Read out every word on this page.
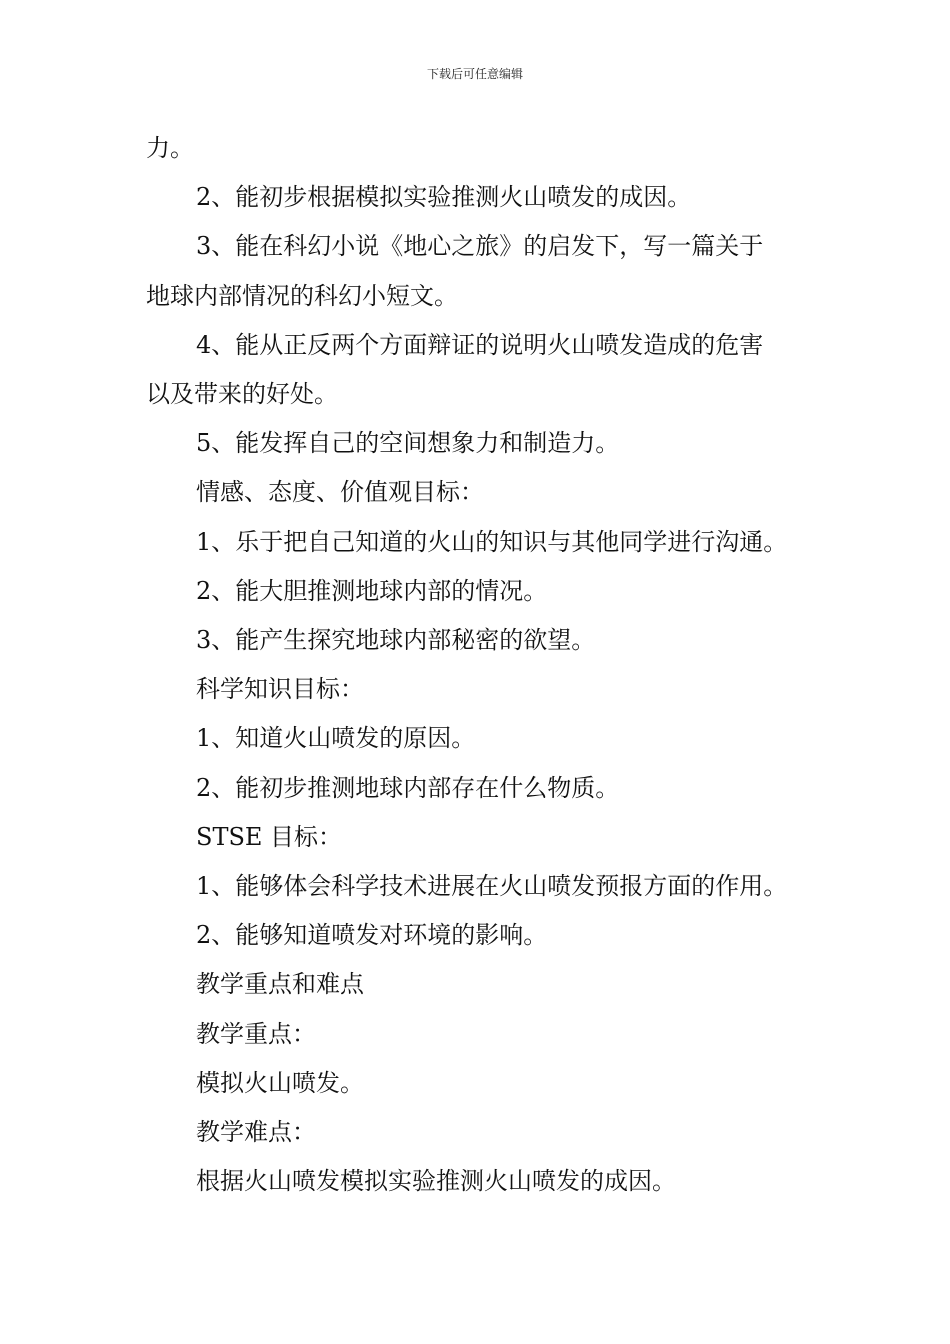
下载后可任意编辑

力。

2、能初步根据模拟实验推测火山喷发的成因。

3、能在科幻小说《地心之旅》的启发下，写一篇关于

地球内部情况的科幻小短文。

4、能从正反两个方面辩证的说明火山喷发造成的危害

以及带来的好处。

5、能发挥自己的空间想象力和制造力。

情感、态度、价值观目标：

1、乐于把自己知道的火山的知识与其他同学进行沟通。

2、能大胆推测地球内部的情况。

3、能产生探究地球内部秘密的欲望。

科学知识目标：

1、知道火山喷发的原因。

2、能初步推测地球内部存在什么物质。

STSE 目标：

1、能够体会科学技术进展在火山喷发预报方面的作用。

2、能够知道喷发对环境的影响。

教学重点和难点

教学重点：

模拟火山喷发。

教学难点：

根据火山喷发模拟实验推测火山喷发的成因。
